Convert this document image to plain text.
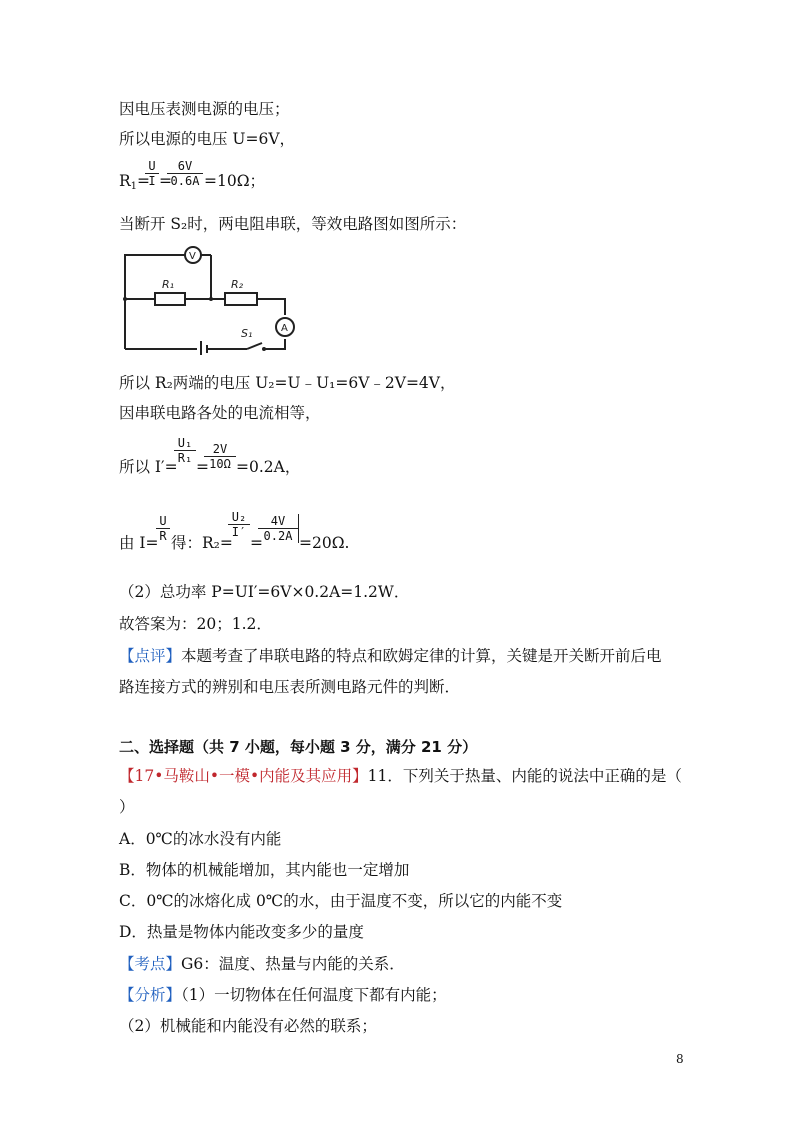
因电压表测电源的电压；
所以电源的电压 U=6V，
$R_1=$
U
I =
6V
0.6A =10Ω；
当断开 S₂时，两电阻串联，等效电路图如图所示：
V
A
R₁	R₂
S₁
所以 R₂两端的电压 U₂=U﹣U₁=6V﹣2V=4V，
因串联电路各处的电流相等，
所以 I′=
U₁
R₁ =
2V
10Ω =0.2A，
由 I=
U
R 得：R₂=
U₂
I′
=
4V
0.2A =20Ω.
（2）总功率 P=UI′=6V×0.2A=1.2W．
故答案为：20；1.2．
【点评】本题考查了串联电路的特点和欧姆定律的计算，关键是开关断开前后电
路连接方式的辨别和电压表所测电路元件的判断．
二、选择题（共 7 小题，每小题 3 分，满分 21 分）
【17•马鞍山•一模•内能及其应用】11．下列关于热量、内能的说法中正确的是（
）
A．0℃的冰水没有内能
B．物体的机械能增加，其内能也一定增加
C．0℃的冰熔化成 0℃的水，由于温度不变，所以它的内能不变
D．热量是物体内能改变多少的量度
【考点】G6：温度、热量与内能的关系．
【分析】（1）一切物体在任何温度下都有内能；
（2）机械能和内能没有必然的联系；
8
